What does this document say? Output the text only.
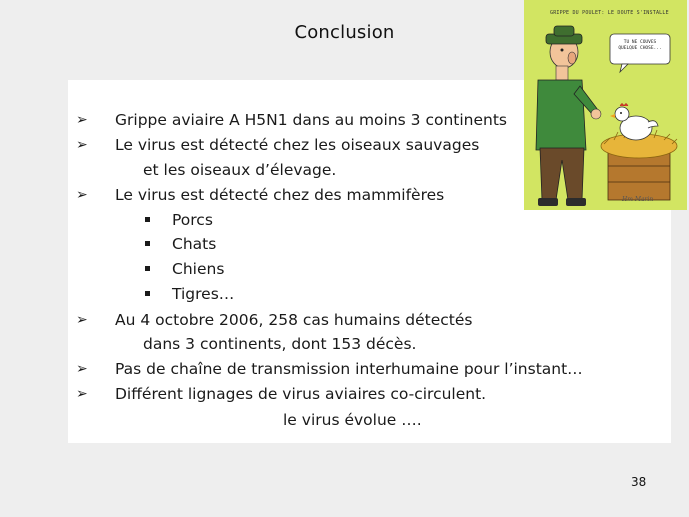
Conclusion
GRIPPE DU POULET: LE DOUTE S'INSTALLE
TU NE COUVES QUELQUE CHOSE...
Hm Marin
➢ Grippe aviaire A H5N1 dans au moins 3 continents
➢ Le virus est détecté chez les oiseaux sauvages
et les oiseaux d’élevage.
➢ Le virus est détecté chez des mammifères
Porcs
Chats
Chiens
Tigres…
➢ Au 4 octobre 2006, 258 cas humains détectés
dans 3 continents, dont 153 décès.
➢ Pas de chaîne de transmission interhumaine pour l’instant…
➢ Différent lignages de virus aviaires co-circulent.
le virus évolue ….
38
